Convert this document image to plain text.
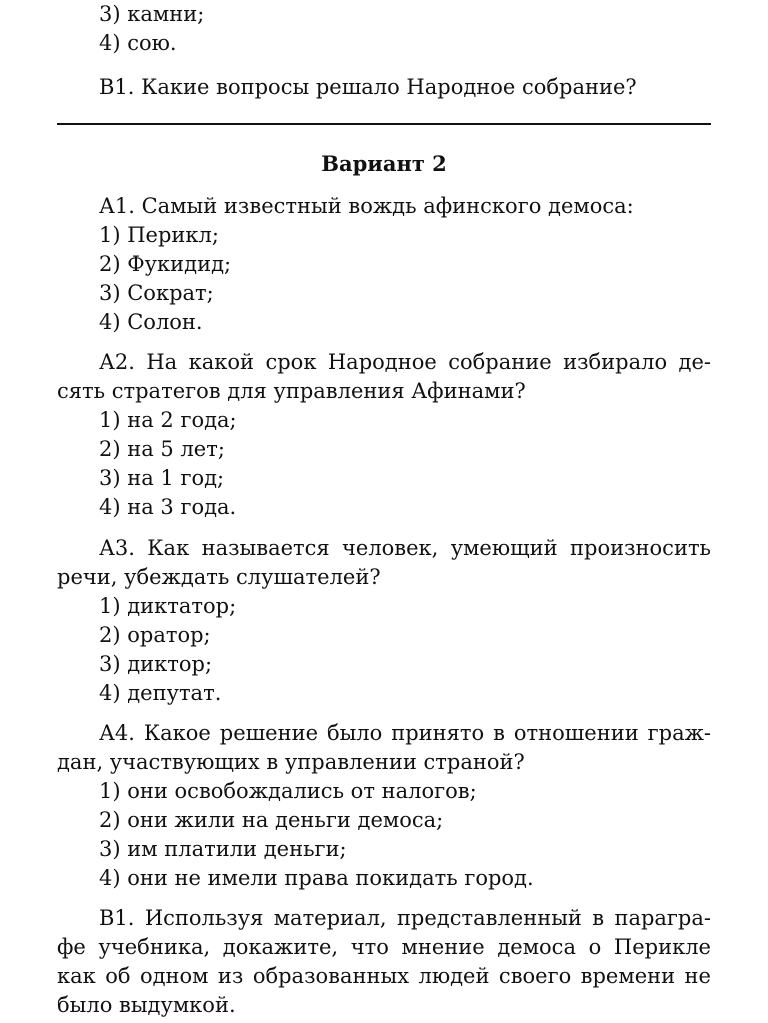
3) камни;
4) сою.
В1. Какие вопросы решало Народное собрание?
Вариант 2
А1. Самый известный вождь афинского демоса:
1) Перикл;
2) Фукидид;
3) Сократ;
4) Солон.
А2. На какой срок Народное собрание избирало де-
сять стратегов для управления Афинами?
1) на 2 года;
2) на 5 лет;
3) на 1 год;
4) на 3 года.
А3. Как называется человек, умеющий произносить
речи, убеждать слушателей?
1) диктатор;
2) оратор;
3) диктор;
4) депутат.
А4. Какое решение было принято в отношении граж-
дан, участвующих в управлении страной?
1) они освобождались от налогов;
2) они жили на деньги демоса;
3) им платили деньги;
4) они не имели права покидать город.
В1. Используя материал, представленный в парагра-
фе учебника, докажите, что мнение демоса о Перикле
как об одном из образованных людей своего времени не
было выдумкой.
